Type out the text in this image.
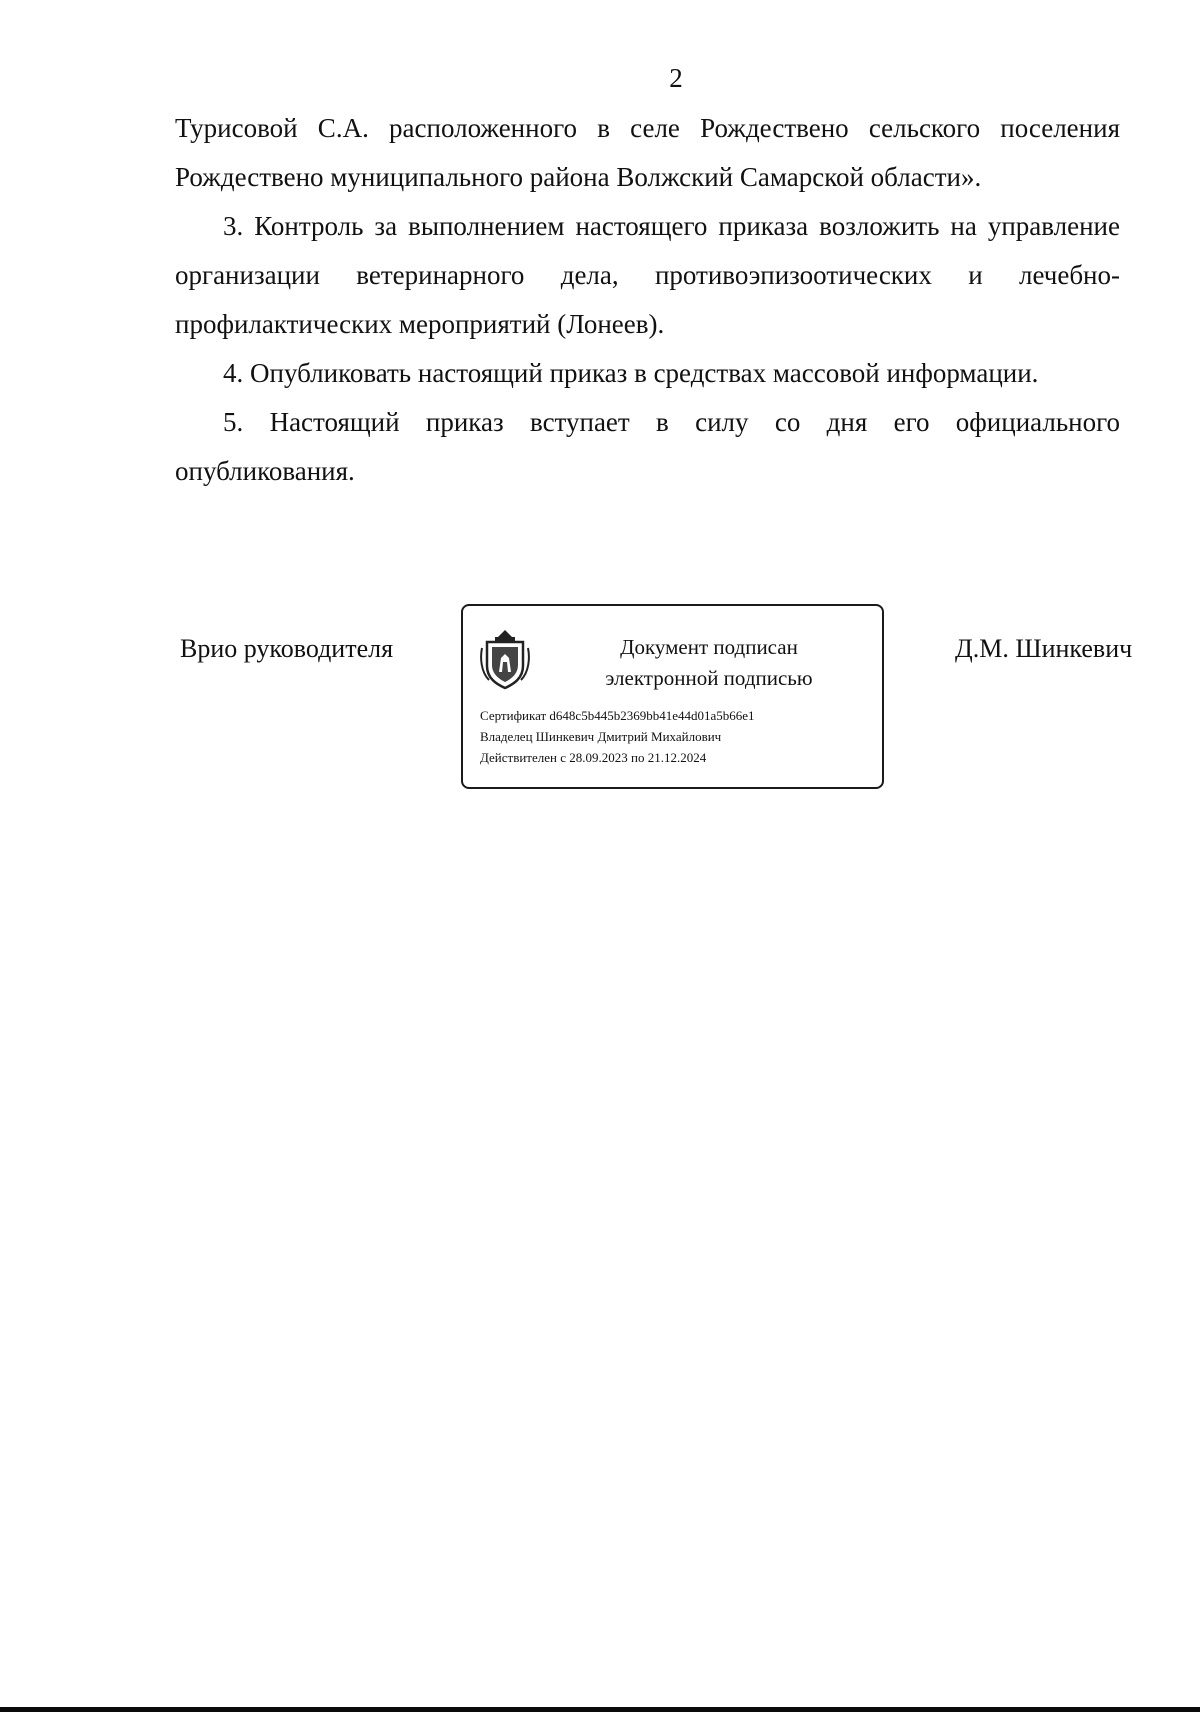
2

Турисовой С.А. расположенного в селе Рождествено сельского поселения Рождествено муниципального района Волжский Самарской области».

3. Контроль за выполнением настоящего приказа возложить на управление организации ветеринарного дела, противоэпизоотических и лечебно-профилактических мероприятий (Лонеев).

4. Опубликовать настоящий приказ в средствах массовой информации.

5. Настоящий приказ вступает в силу со дня его официального опубликования.

Врио руководителя	Документ подписан
электронной подписью
Сертификат d648c5b445b2369bb41e44d01a5b66e1
Владелец Шинкевич Дмитрий Михайлович
Действителен с 28.09.2023 по 21.12.2024
Д.М. Шинкевич
